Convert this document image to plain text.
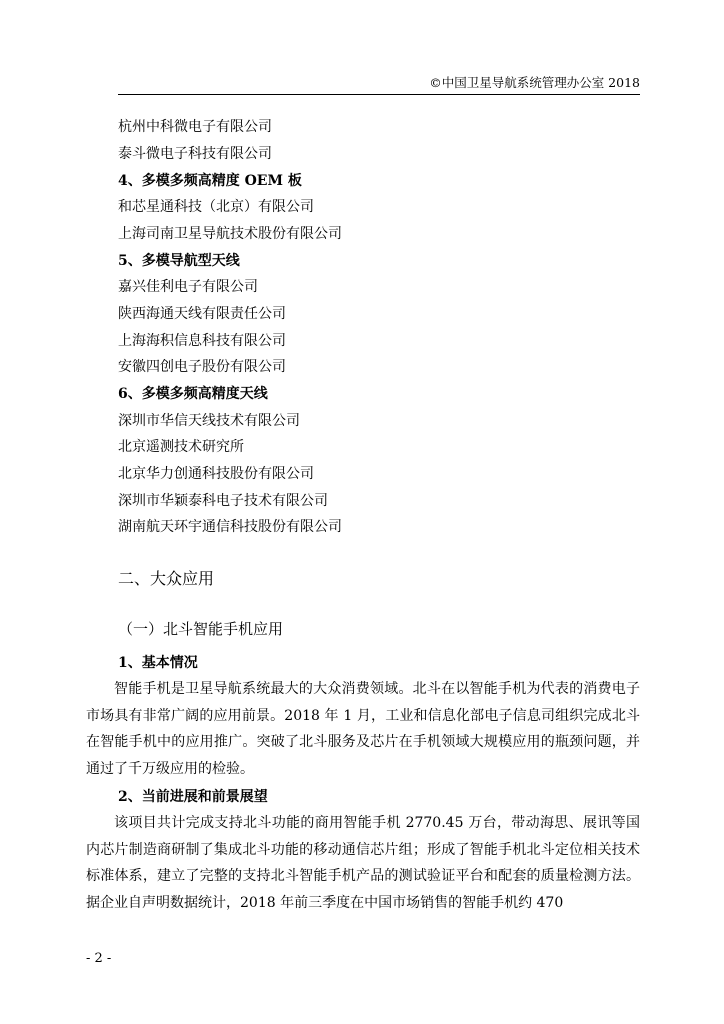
©中国卫星导航系统管理办公室 2018
杭州中科微电子有限公司
泰斗微电子科技有限公司
4、多模多频高精度 OEM 板
和芯星通科技（北京）有限公司
上海司南卫星导航技术股份有限公司
5、多模导航型天线
嘉兴佳利电子有限公司
陕西海通天线有限责任公司
上海海积信息科技有限公司
安徽四创电子股份有限公司
6、多模多频高精度天线
深圳市华信天线技术有限公司
北京遥测技术研究所
北京华力创通科技股份有限公司
深圳市华颖泰科电子技术有限公司
湖南航天环宇通信科技股份有限公司
二、大众应用
（一）北斗智能手机应用
1、基本情况
智能手机是卫星导航系统最大的大众消费领域。北斗在以智能手机为代表的消费电子市场具有非常广阔的应用前景。2018 年 1 月，工业和信息化部电子信息司组织完成北斗在智能手机中的应用推广。突破了北斗服务及芯片在手机领域大规模应用的瓶颈问题，并通过了千万级应用的检验。
2、当前进展和前景展望
该项目共计完成支持北斗功能的商用智能手机 2770.45 万台，带动海思、展讯等国内芯片制造商研制了集成北斗功能的移动通信芯片组；形成了智能手机北斗定位相关技术标准体系，建立了完整的支持北斗智能手机产品的测试验证平台和配套的质量检测方法。据企业自声明数据统计，2018 年前三季度在中国市场销售的智能手机约 470
- 2 -
